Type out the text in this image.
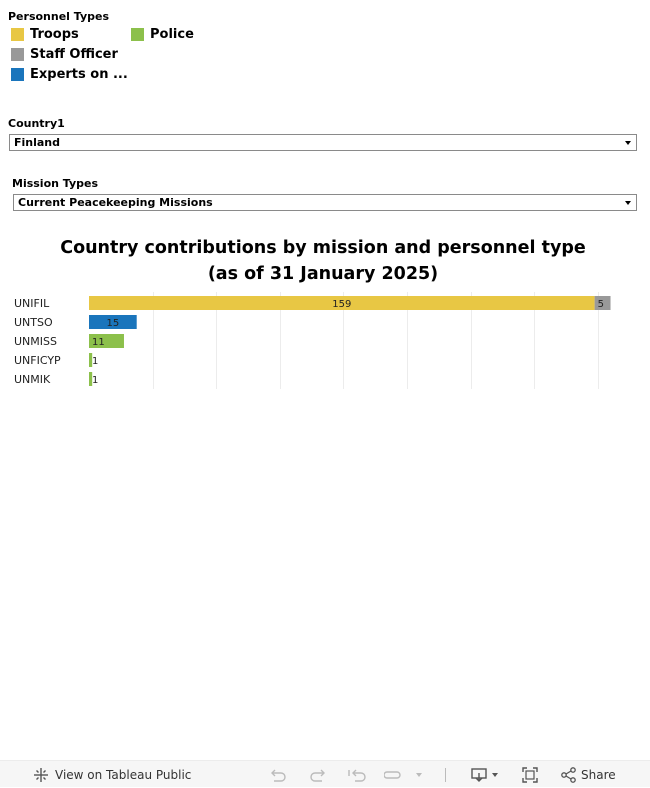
Personnel Types
Troops	Police
Staff Officer
Experts on ...
Country1
Finland
Mission Types
Current Peacekeeping Missions
Country contributions by mission and personnel type
(as of 31 January 2025)
UNIFIL	159	5
UNTSO	15
UNMISS	11
UNFICYP	1
UNMIK	1
View on Tableau Public	Share
